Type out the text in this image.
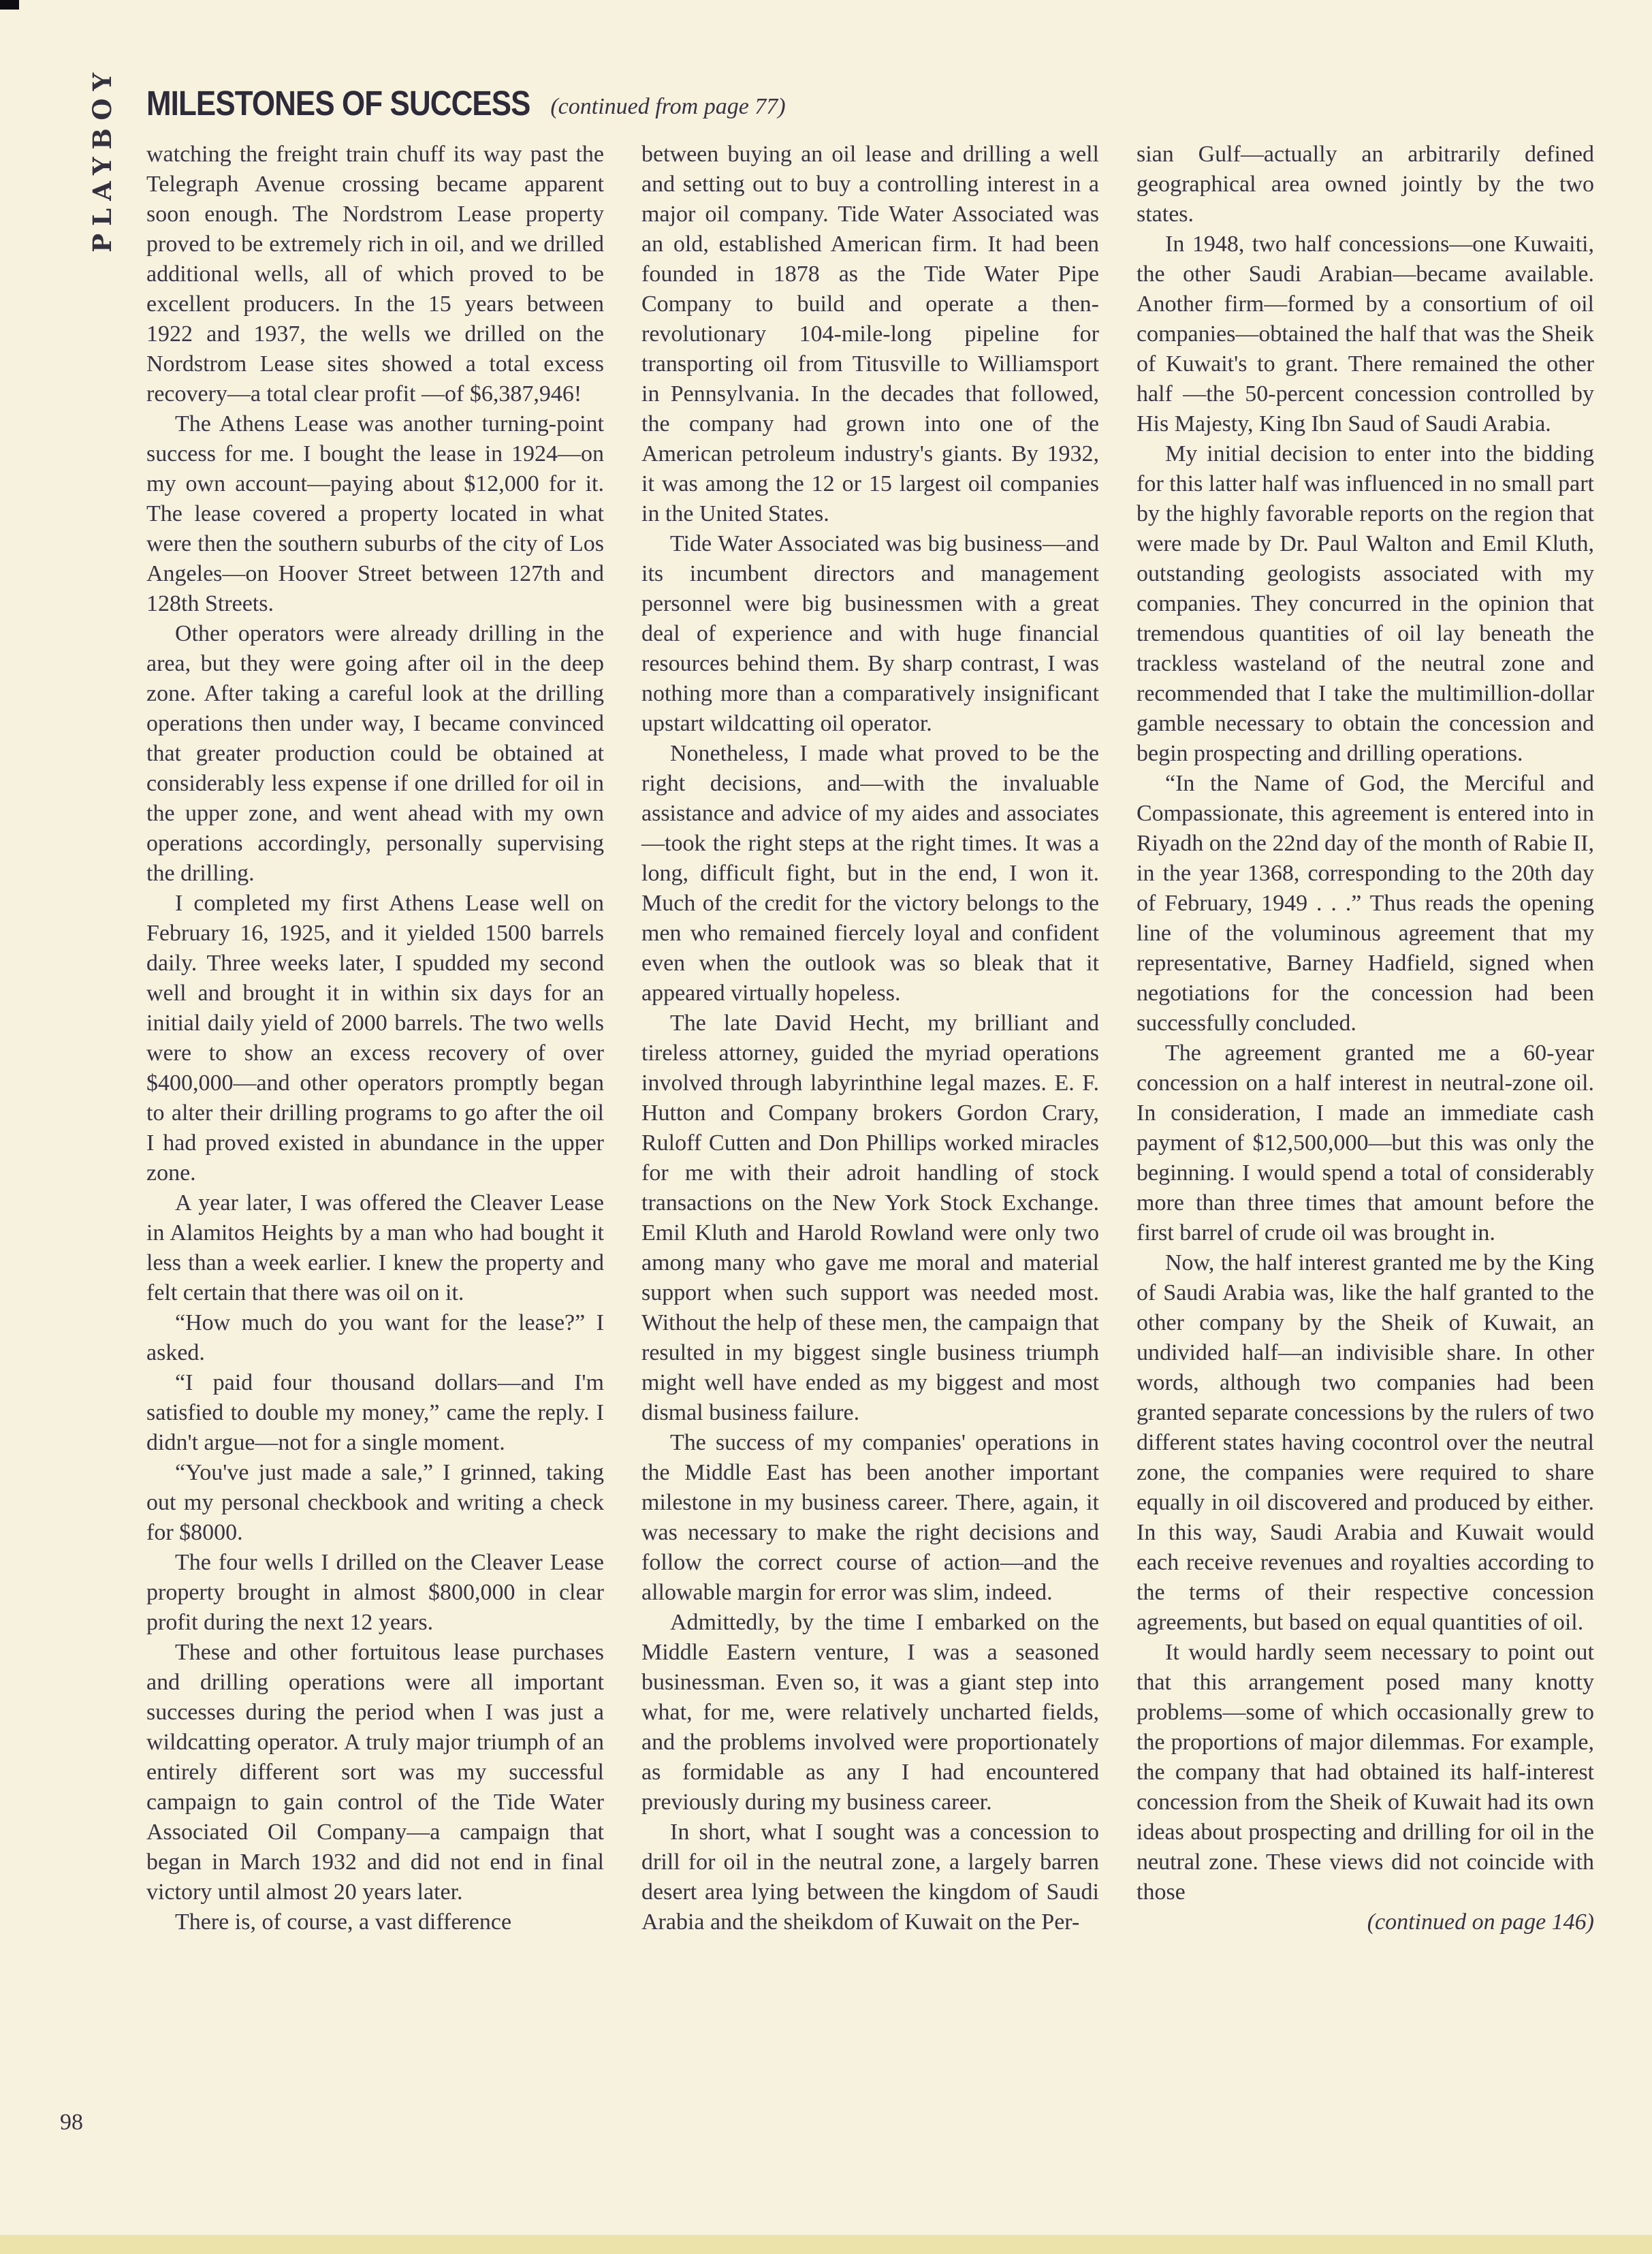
PLAYBOY MILESTONES OF SUCCESS (continued from page 77)

watching the freight train chuff its way past the Telegraph Avenue crossing became apparent soon enough. The Nordstrom Lease property proved to be extremely rich in oil, and we drilled additional wells, all of which proved to be excellent producers. In the 15 years between 1922 and 1937, the wells we drilled on the Nordstrom Lease sites showed a total excess recovery—a total clear profit —of $6,387,946!

The Athens Lease was another turning-point success for me. I bought the lease in 1924—on my own account—paying about $12,000 for it. The lease covered a property located in what were then the southern suburbs of the city of Los Angeles—on Hoover Street between 127th and 128th Streets.

Other operators were already drilling in the area, but they were going after oil in the deep zone. After taking a careful look at the drilling operations then under way, I became convinced that greater production could be obtained at considerably less expense if one drilled for oil in the upper zone, and went ahead with my own operations accordingly, personally supervising the drilling.

I completed my first Athens Lease well on February 16, 1925, and it yielded 1500 barrels daily. Three weeks later, I spudded my second well and brought it in within six days for an initial daily yield of 2000 barrels. The two wells were to show an excess recovery of over $400,000—and other operators promptly began to alter their drilling programs to go after the oil I had proved existed in abundance in the upper zone.

A year later, I was offered the Cleaver Lease in Alamitos Heights by a man who had bought it less than a week earlier. I knew the property and felt certain that there was oil on it.

“How much do you want for the lease?” I asked.

“I paid four thousand dollars—and I'm satisfied to double my money,” came the reply. I didn't argue—not for a single moment.

“You've just made a sale,” I grinned, taking out my personal checkbook and writing a check for $8000.

The four wells I drilled on the Cleaver Lease property brought in almost $800,000 in clear profit during the next 12 years.

These and other fortuitous lease purchases and drilling operations were all important successes during the period when I was just a wildcatting operator. A truly major triumph of an entirely different sort was my successful campaign to gain control of the Tide Water Associated Oil Company—a campaign that began in March 1932 and did not end in final victory until almost 20 years later.

There is, of course, a vast difference

between buying an oil lease and drilling a well and setting out to buy a controlling interest in a major oil company. Tide Water Associated was an old, established American firm. It had been founded in 1878 as the Tide Water Pipe Company to build and operate a then-revolutionary 104-mile-long pipeline for transporting oil from Titusville to Williamsport in Pennsylvania. In the decades that followed, the company had grown into one of the American petroleum industry's giants. By 1932, it was among the 12 or 15 largest oil companies in the United States.

Tide Water Associated was big business—and its incumbent directors and management personnel were big businessmen with a great deal of experience and with huge financial resources behind them. By sharp contrast, I was nothing more than a comparatively insignificant upstart wildcatting oil operator.

Nonetheless, I made what proved to be the right decisions, and—with the invaluable assistance and advice of my aides and associates—took the right steps at the right times. It was a long, difficult fight, but in the end, I won it. Much of the credit for the victory belongs to the men who remained fiercely loyal and confident even when the outlook was so bleak that it appeared virtually hopeless.

The late David Hecht, my brilliant and tireless attorney, guided the myriad operations involved through labyrinthine legal mazes. E. F. Hutton and Company brokers Gordon Crary, Ruloff Cutten and Don Phillips worked miracles for me with their adroit handling of stock transactions on the New York Stock Exchange. Emil Kluth and Harold Rowland were only two among many who gave me moral and material support when such support was needed most. Without the help of these men, the campaign that resulted in my biggest single business triumph might well have ended as my biggest and most dismal business failure.

The success of my companies' operations in the Middle East has been another important milestone in my business career. There, again, it was necessary to make the right decisions and follow the correct course of action—and the allowable margin for error was slim, indeed.

Admittedly, by the time I embarked on the Middle Eastern venture, I was a seasoned businessman. Even so, it was a giant step into what, for me, were relatively uncharted fields, and the problems involved were proportionately as formidable as any I had encountered previously during my business career.

In short, what I sought was a concession to drill for oil in the neutral zone, a largely barren desert area lying between the kingdom of Saudi Arabia and the sheikdom of Kuwait on the Per-

sian Gulf—actually an arbitrarily defined geographical area owned jointly by the two states.

In 1948, two half concessions—one Kuwaiti, the other Saudi Arabian—became available. Another firm—formed by a consortium of oil companies—obtained the half that was the Sheik of Kuwait's to grant. There remained the other half —the 50-percent concession controlled by His Majesty, King Ibn Saud of Saudi Arabia.

My initial decision to enter into the bidding for this latter half was influenced in no small part by the highly favorable reports on the region that were made by Dr. Paul Walton and Emil Kluth, outstanding geologists associated with my companies. They concurred in the opinion that tremendous quantities of oil lay beneath the trackless wasteland of the neutral zone and recommended that I take the multimillion-dollar gamble necessary to obtain the concession and begin prospecting and drilling operations.

“In the Name of God, the Merciful and Compassionate, this agreement is entered into in Riyadh on the 22nd day of the month of Rabie II, in the year 1368, corresponding to the 20th day of February, 1949 . . .” Thus reads the opening line of the voluminous agreement that my representative, Barney Hadfield, signed when negotiations for the concession had been successfully concluded.

The agreement granted me a 60-year concession on a half interest in neutral-zone oil. In consideration, I made an immediate cash payment of $12,500,000—but this was only the beginning. I would spend a total of considerably more than three times that amount before the first barrel of crude oil was brought in.

Now, the half interest granted me by the King of Saudi Arabia was, like the half granted to the other company by the Sheik of Kuwait, an undivided half—an indivisible share. In other words, although two companies had been granted separate concessions by the rulers of two different states having cocontrol over the neutral zone, the companies were required to share equally in oil discovered and produced by either. In this way, Saudi Arabia and Kuwait would each receive revenues and royalties according to the terms of their respective concession agreements, but based on equal quantities of oil.

It would hardly seem necessary to point out that this arrangement posed many knotty problems—some of which occasionally grew to the proportions of major dilemmas. For example, the company that had obtained its half-interest concession from the Sheik of Kuwait had its own ideas about prospecting and drilling for oil in the neutral zone. These views did not coincide with those

(continued on page 146)

98
